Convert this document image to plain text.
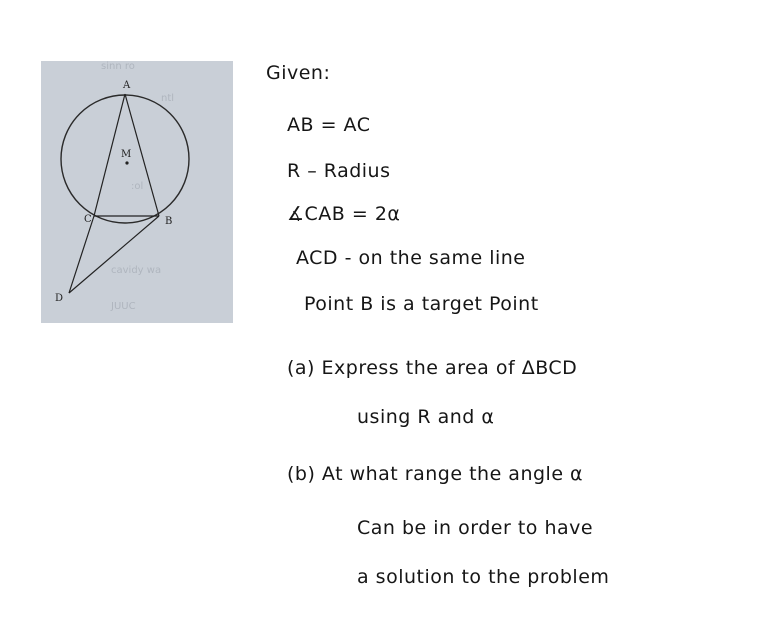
sinn ro
ntl
:ol
cavidy wa
JUUC
A
M
C	B
D
Given:
AB = AC
R – Radius
∡CAB = 2α
ACD - on the same line
Point B is a target Point
(a) Express the area of ΔBCD
using R and α
(b) At what range the angle α
Can be in order to have
a solution to the problem
